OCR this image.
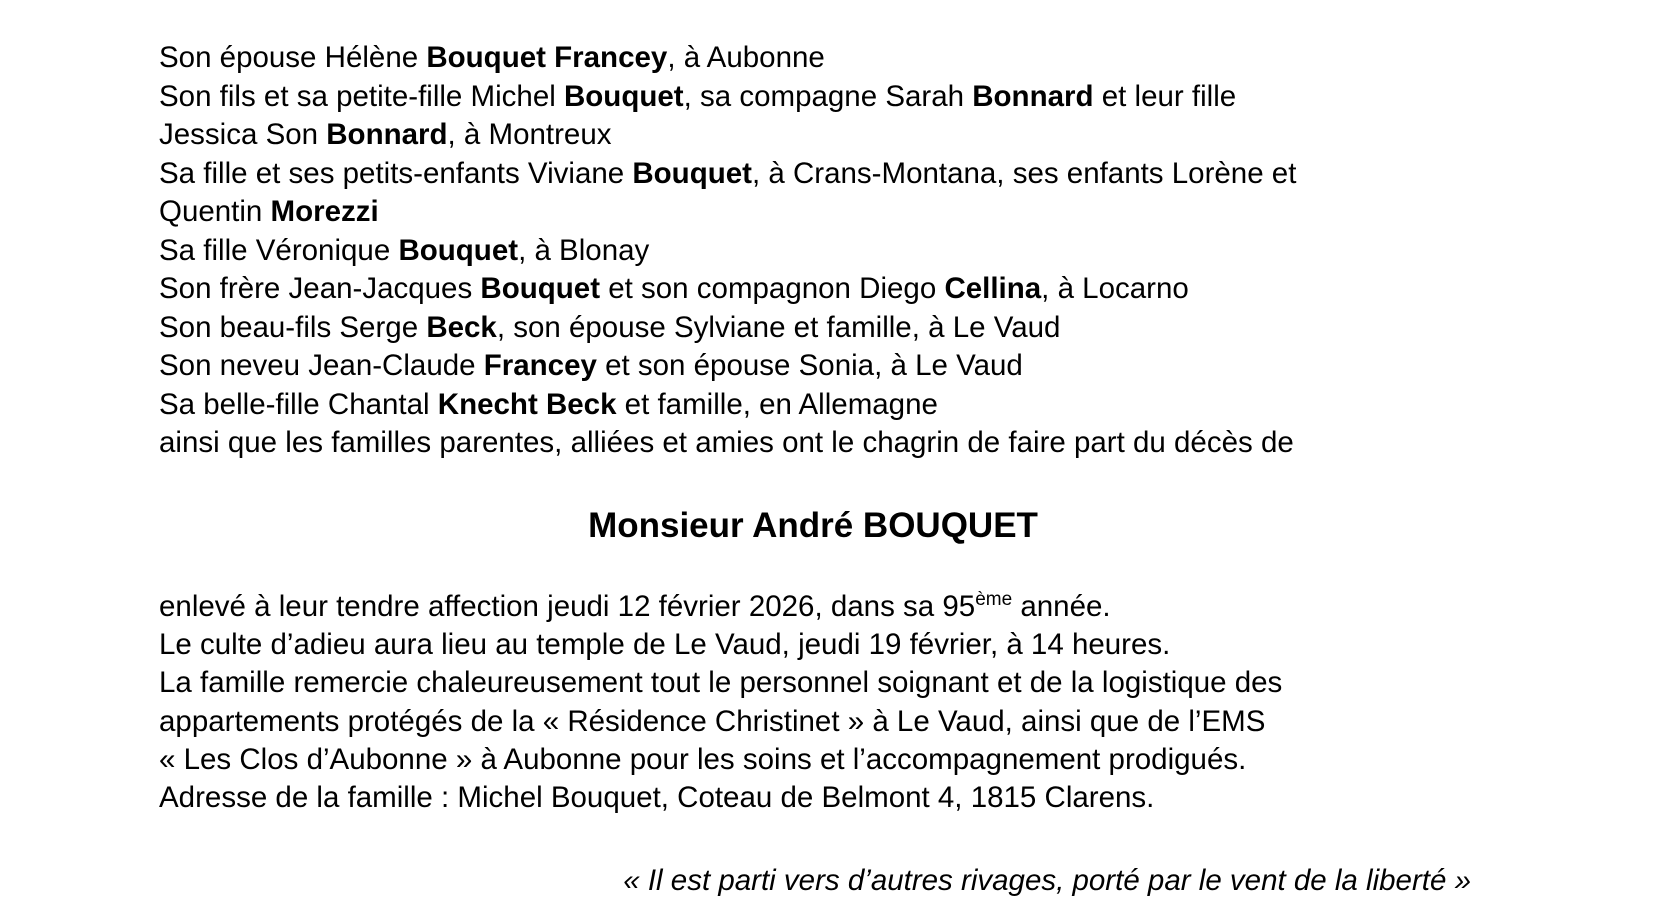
Son épouse Hélène Bouquet Francey, à Aubonne
Son fils et sa petite-fille Michel Bouquet, sa compagne Sarah Bonnard et leur fille
Jessica Son Bonnard, à Montreux
Sa fille et ses petits-enfants Viviane Bouquet, à Crans-Montana, ses enfants Lorène et
Quentin Morezzi
Sa fille Véronique Bouquet, à Blonay
Son frère Jean-Jacques Bouquet et son compagnon Diego Cellina, à Locarno
Son beau-fils Serge Beck, son épouse Sylviane et famille, à Le Vaud
Son neveu Jean-Claude Francey et son épouse Sonia, à Le Vaud
Sa belle-fille Chantal Knecht Beck et famille, en Allemagne
ainsi que les familles parentes, alliées et amies ont le chagrin de faire part du décès de
Monsieur André BOUQUET
enlevé à leur tendre affection jeudi 12 février 2026, dans sa 95ème année.
Le culte d’adieu aura lieu au temple de Le Vaud, jeudi 19 février, à 14 heures.
La famille remercie chaleureusement tout le personnel soignant et de la logistique des
appartements protégés de la « Résidence Christinet » à Le Vaud, ainsi que de l’EMS
« Les Clos d’Aubonne » à Aubonne pour les soins et l’accompagnement prodigués.
Adresse de la famille : Michel Bouquet, Coteau de Belmont 4, 1815 Clarens.
« Il est parti vers d’autres rivages, porté par le vent de la liberté »
